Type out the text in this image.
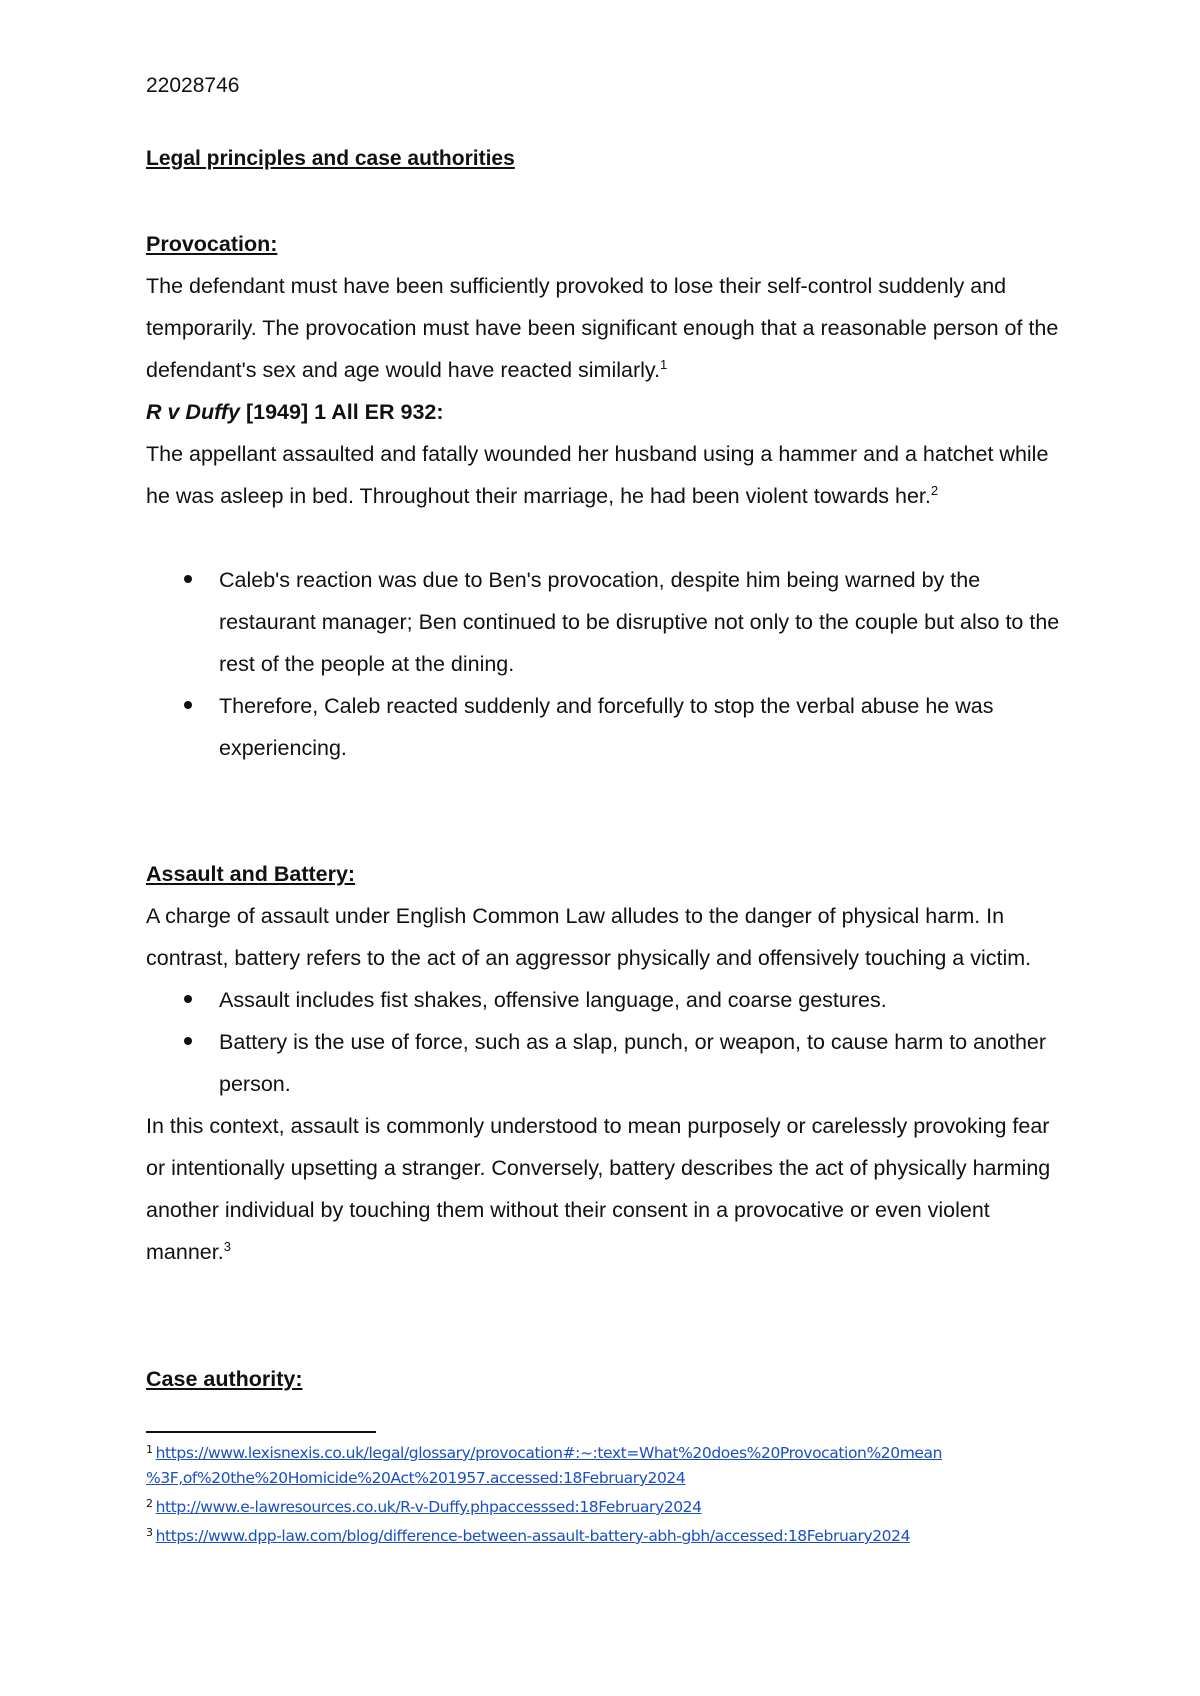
22028746
Legal principles and case authorities

Provocation:

The defendant must have been sufficiently provoked to lose their self-control suddenly and temporarily. The provocation must have been significant enough that a reasonable person of the defendant's sex and age would have reacted similarly.$^1$

R v Duffy [1949] 1 All ER 932:

The appellant assaulted and fatally wounded her husband using a hammer and a hatchet while he was asleep in bed. Throughout their marriage, he had been violent towards her.$^2$

Caleb's reaction was due to Ben's provocation, despite him being warned by the restaurant manager; Ben continued to be disruptive not only to the couple but also to the rest of the people at the dining.
Therefore, Caleb reacted suddenly and forcefully to stop the verbal abuse he was experiencing.

Assault and Battery:

A charge of assault under English Common Law alludes to the danger of physical harm. In contrast, battery refers to the act of an aggressor physically and offensively touching a victim.

Assault includes fist shakes, offensive language, and coarse gestures.
Battery is the use of force, such as a slap, punch, or weapon, to cause harm to another person.

In this context, assault is commonly understood to mean purposely or carelessly provoking fear or intentionally upsetting a stranger. Conversely, battery describes the act of physically harming another individual by touching them without their consent in a provocative or even violent manner.$^3$

Case authority:

$^1$ https://www.lexisnexis.co.uk/legal/glossary/provocation#:~:text=What%20does%20Provocation%20mean
%3F,of%20the%20Homicide%20Act%201957.accessed:18February2024

$^2$ http://www.e-lawresources.co.uk/R-v-Duffy.phpaccesssed:18February2024

$^3$ https://www.dpp-law.com/blog/difference-between-assault-battery-abh-gbh/accessed:18February2024
